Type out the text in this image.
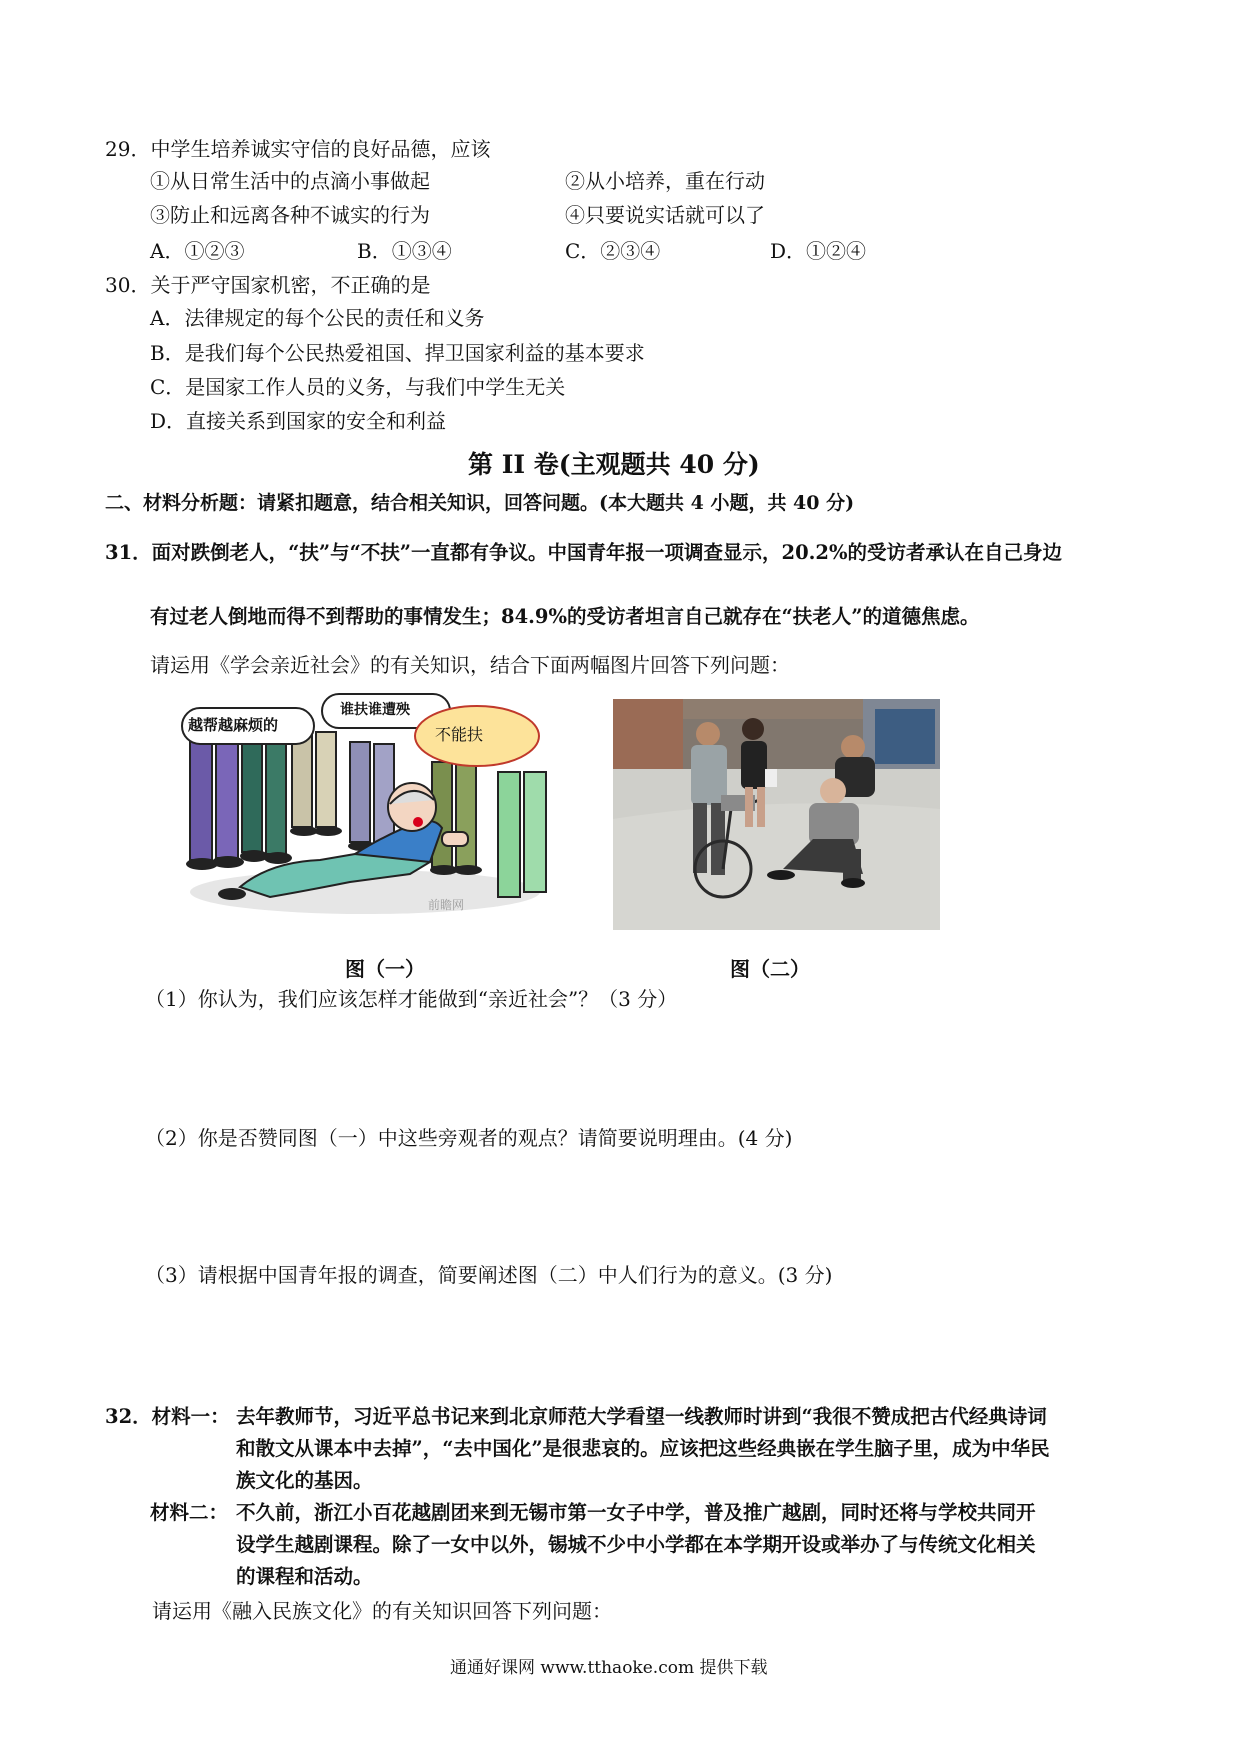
29．中学生培养诚实守信的良好品德，应该
①从日常生活中的点滴小事做起	②从小培养，重在行动
③防止和远离各种不诚实的行为	④只要说实话就可以了
A．①②③	B．①③④	C．②③④	D．①②④
30．关于严守国家机密，不正确的是
A．法律规定的每个公民的责任和义务
B．是我们每个公民热爱祖国、捍卫国家利益的基本要求
C．是国家工作人员的义务，与我们中学生无关
D．直接关系到国家的安全和利益
第 II 卷(主观题共 40 分)
二、材料分析题：请紧扣题意，结合相关知识，回答问题。(本大题共 4 小题，共 40 分)
31．面对跌倒老人，“扶”与“不扶”一直都有争议。中国青年报一项调查显示，20.2%的受访者承认在自己身边
有过老人倒地而得不到帮助的事情发生；84.9%的受访者坦言自己就存在“扶老人”的道德焦虑。
请运用《学会亲近社会》的有关知识，结合下面两幅图片回答下列问题：
越帮越麻烦的
谁扶谁遭殃
不能扶
前瞻网
图（一）	图（二）
（1）你认为，我们应该怎样才能做到“亲近社会”？（3 分）
（2）你是否赞同图（一）中这些旁观者的观点？请简要说明理由。(4 分)
（3）请根据中国青年报的调查，简要阐述图（二）中人们行为的意义。(3 分)
32．材料一： 去年教师节，习近平总书记来到北京师范大学看望一线教师时讲到“我很不赞成把古代经典诗词
和散文从课本中去掉”，“去中国化”是很悲哀的。应该把这些经典嵌在学生脑子里，成为中华民
族文化的基因。
材料二： 不久前，浙江小百花越剧团来到无锡市第一女子中学，普及推广越剧，同时还将与学校共同开
设学生越剧课程。除了一女中以外，锡城不少中小学都在本学期开设或举办了与传统文化相关
的课程和活动。
请运用《融入民族文化》的有关知识回答下列问题：
通通好课网 www.tthaoke.com 提供下载
